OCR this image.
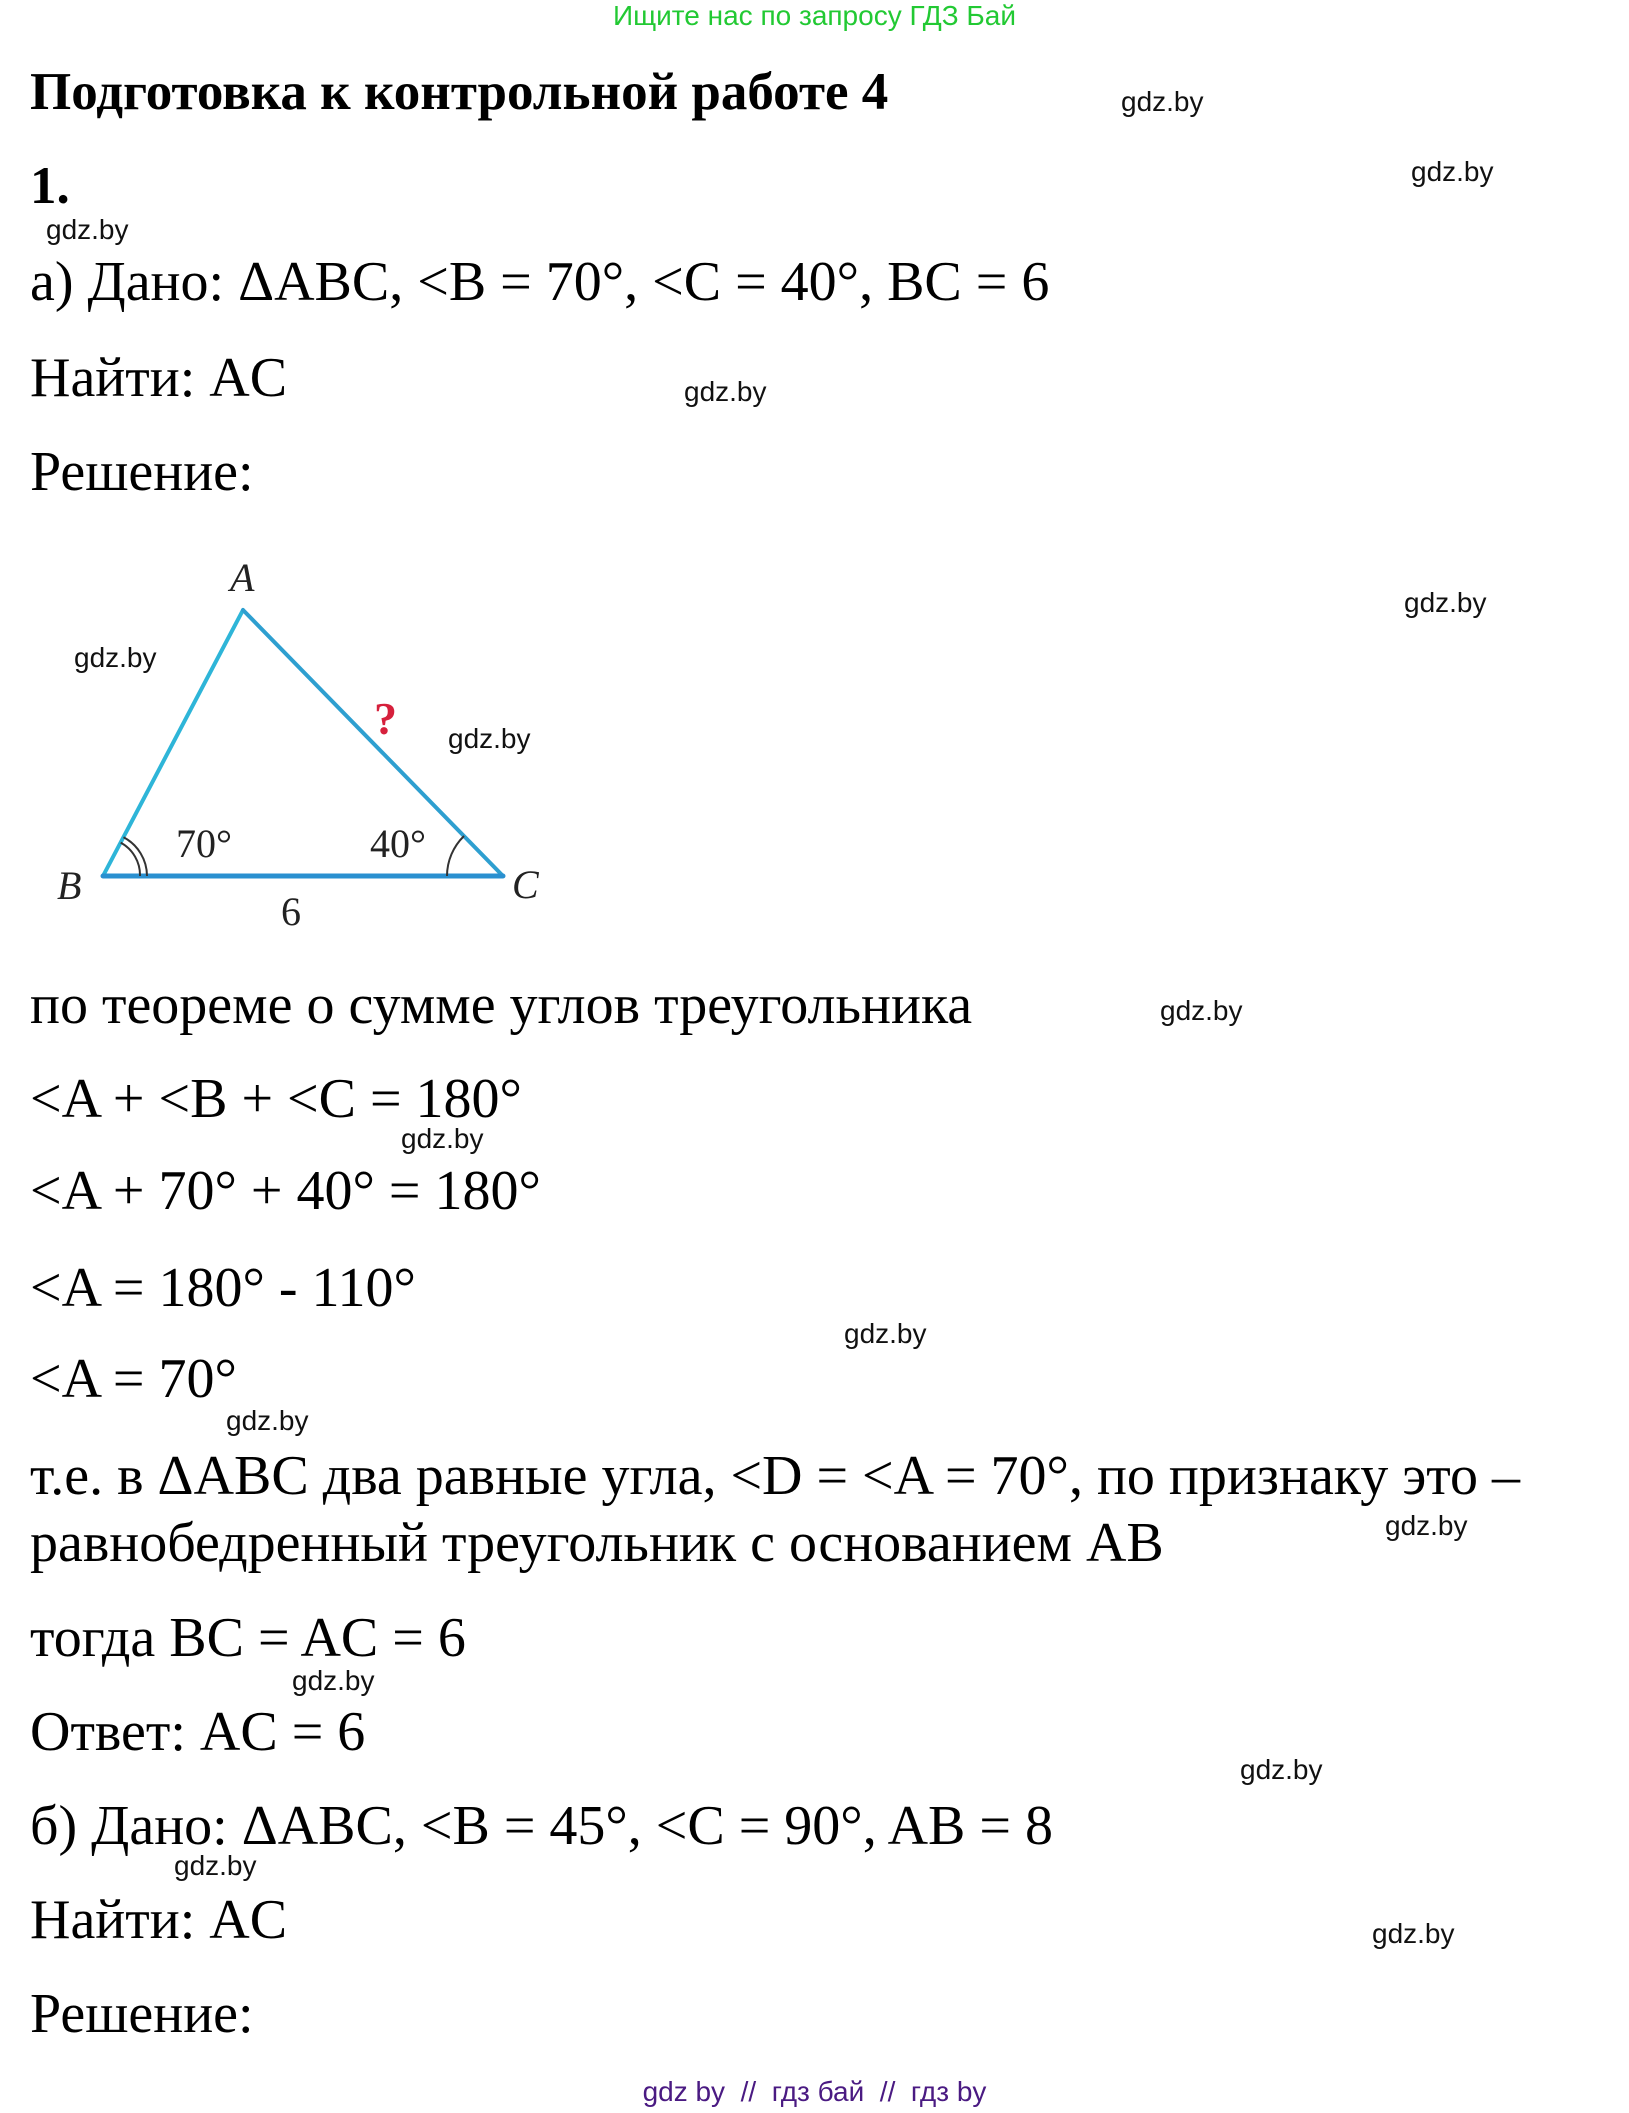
Ищите нас по запросу ГДЗ Бай
Подготовка к контрольной работе 4
1.
а) Дано: ΔABC, <B = 70°, <C = 40°, BC = 6
Найти: AC
Решение:
A
B	C
70°	40°
6
?
по теореме о сумме углов треугольника
<A + <B + <C = 180°
<A + 70° + 40° = 180°
<A = 180° - 110°
<A = 70°
т.е. в ΔABC два равные угла, <D = <A = 70°, по признаку это –
равнобедренный треугольник с основанием AB
тогда BC = AC = 6
Ответ: AC = 6
б) Дано: ΔABC, <B = 45°, <C = 90°, AB = 8
Найти: AC
Решение:
gdz.by
gdz.by
gdz.by
gdz.by
gdz.by
gdz.by
gdz.by
gdz.by
gdz.by
gdz.by
gdz.by
gdz.by
gdz.by
gdz.by
gdz.by
gdz.by
gdz by  //  гдз бай  //  гдз by
